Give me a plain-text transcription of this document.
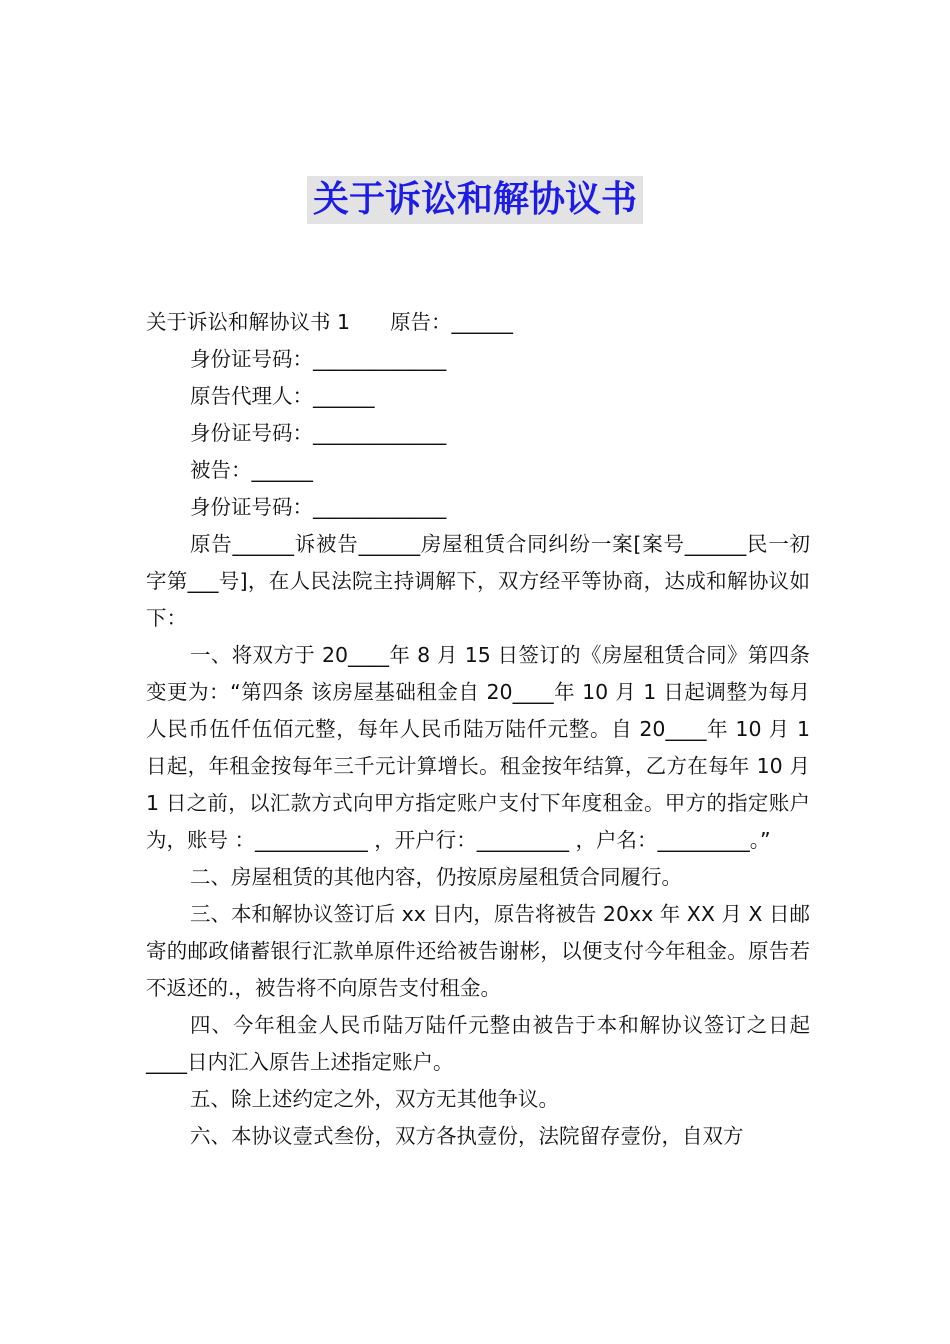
关于诉讼和解协议书

关于诉讼和解协议书 1 原告：______

身份证号码：_____________

原告代理人：______

身份证号码：_____________

被告：______

身份证号码：_____________

原告______诉被告______房屋租赁合同纠纷一案[案号______民一初字第___号]，在人民法院主持调解下，双方经平等协商，达成和解协议如下：

一、将双方于 20____年 8 月 15 日签订的《房屋租赁合同》第四条变更为：“第四条 该房屋基础租金自 20____年 10 月 1 日起调整为每月人民币伍仟伍佰元整，每年人民币陆万陆仟元整。自 20____年 10 月 1 日起，年租金按每年三千元计算增长。租金按年结算，乙方在每年 10 月 1 日之前，以汇款方式向甲方指定账户支付下年度租金。甲方的指定账户为，账号 ：___________ ，开户行：_________ ，户名：_________。”

二、房屋租赁的其他内容，仍按原房屋租赁合同履行。

三、本和解协议签订后 xx 日内，原告将被告 20xx 年 XX 月 X 日邮寄的邮政储蓄银行汇款单原件还给被告谢彬，以便支付今年租金。原告若不返还的.，被告将不向原告支付租金。

四、今年租金人民币陆万陆仟元整由被告于本和解协议签订之日起____日内汇入原告上述指定账户。

五、除上述约定之外，双方无其他争议。

六、本协议壹式叁份，双方各执壹份，法院留存壹份，自双方
